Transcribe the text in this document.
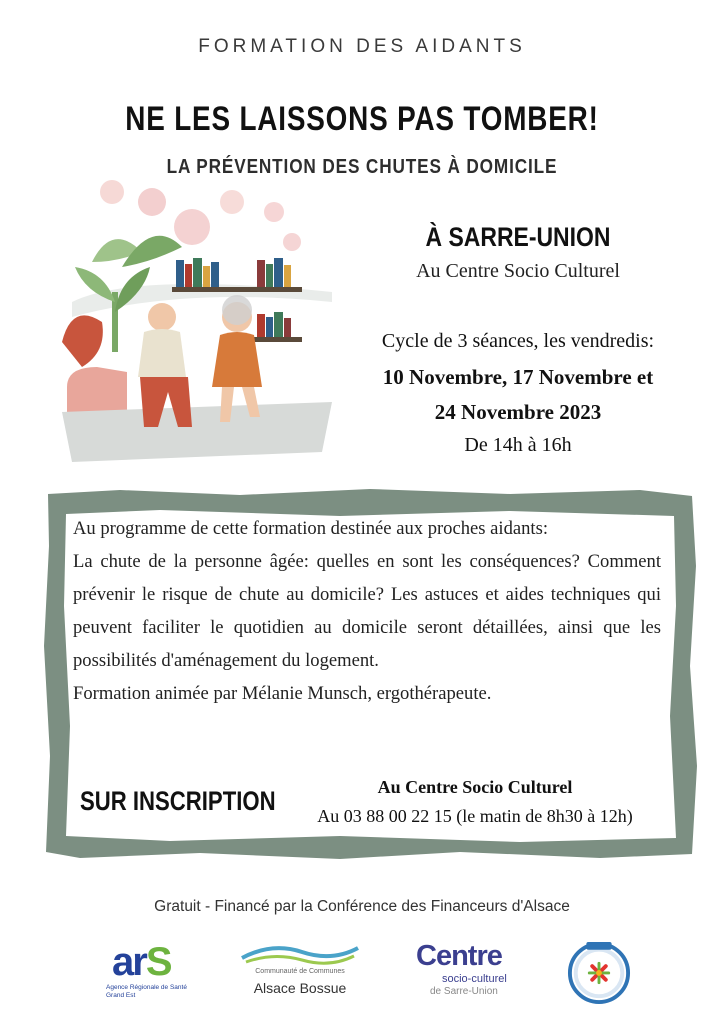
FORMATION DES AIDANTS
NE LES LAISSONS PAS TOMBER!
LA PRÉVENTION DES CHUTES À DOMICILE
À SARRE-UNION
Au Centre Socio Culturel
Cycle de 3 séances, les vendredis:
10 Novembre, 17 Novembre et
24 Novembre 2023
De 14h à 16h

Au programme de cette formation destinée aux proches aidants:

La chute de la personne âgée: quelles en sont les conséquences? Comment prévenir le risque de chute au domicile? Les astuces et aides techniques qui peuvent faciliter le quotidien au domicile seront détaillées, ainsi que les possibilités d'aménagement du logement.

Formation animée par Mélanie Munsch, ergothérapeute.

SUR INSCRIPTION	Au Centre Socio Culturel
Au 03 88 00 22 15 (le matin de 8h30 à 12h)
Gratuit - Financé par la Conférence des Financeurs d'Alsace
arS
Agence Régionale de Santé
Grand Est
Communauté de Communes
Alsace Bossue
Centre
socio-culturel
de Sarre-Union
